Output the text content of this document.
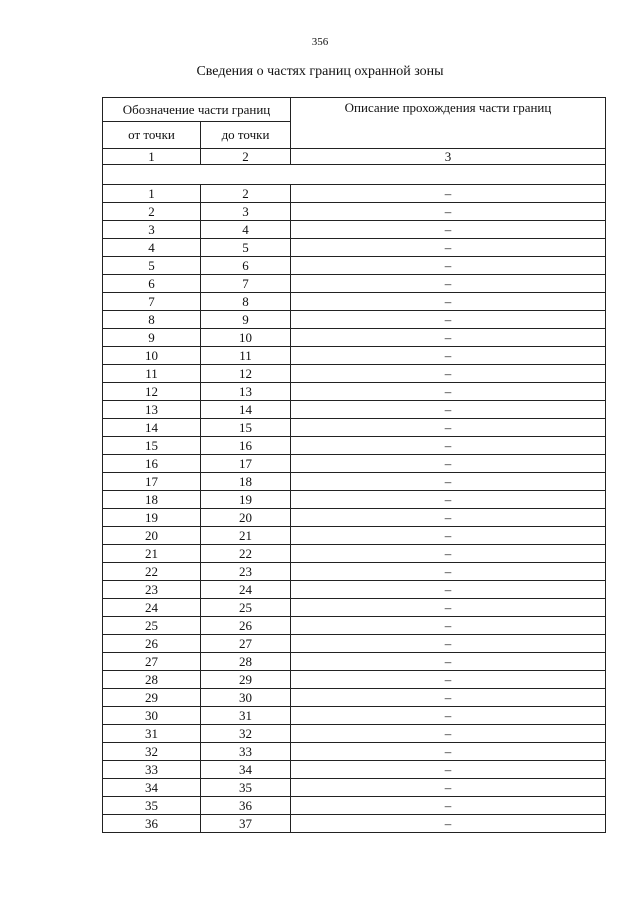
356
Сведения о частях границ охранной зоны
Обозначение части границ		Описание прохождения части границ
от точки	до точки	
1	2	3

1	2	–
2	3	–
3	4	–
4	5	–
5	6	–
6	7	–
7	8	–
8	9	–
9	10	–
10	11	–
11	12	–
12	13	–
13	14	–
14	15	–
15	16	–
16	17	–
17	18	–
18	19	–
19	20	–
20	21	–
21	22	–
22	23	–
23	24	–
24	25	–
25	26	–
26	27	–
27	28	–
28	29	–
29	30	–
30	31	–
31	32	–
32	33	–
33	34	–
34	35	–
35	36	–
36	37	–
